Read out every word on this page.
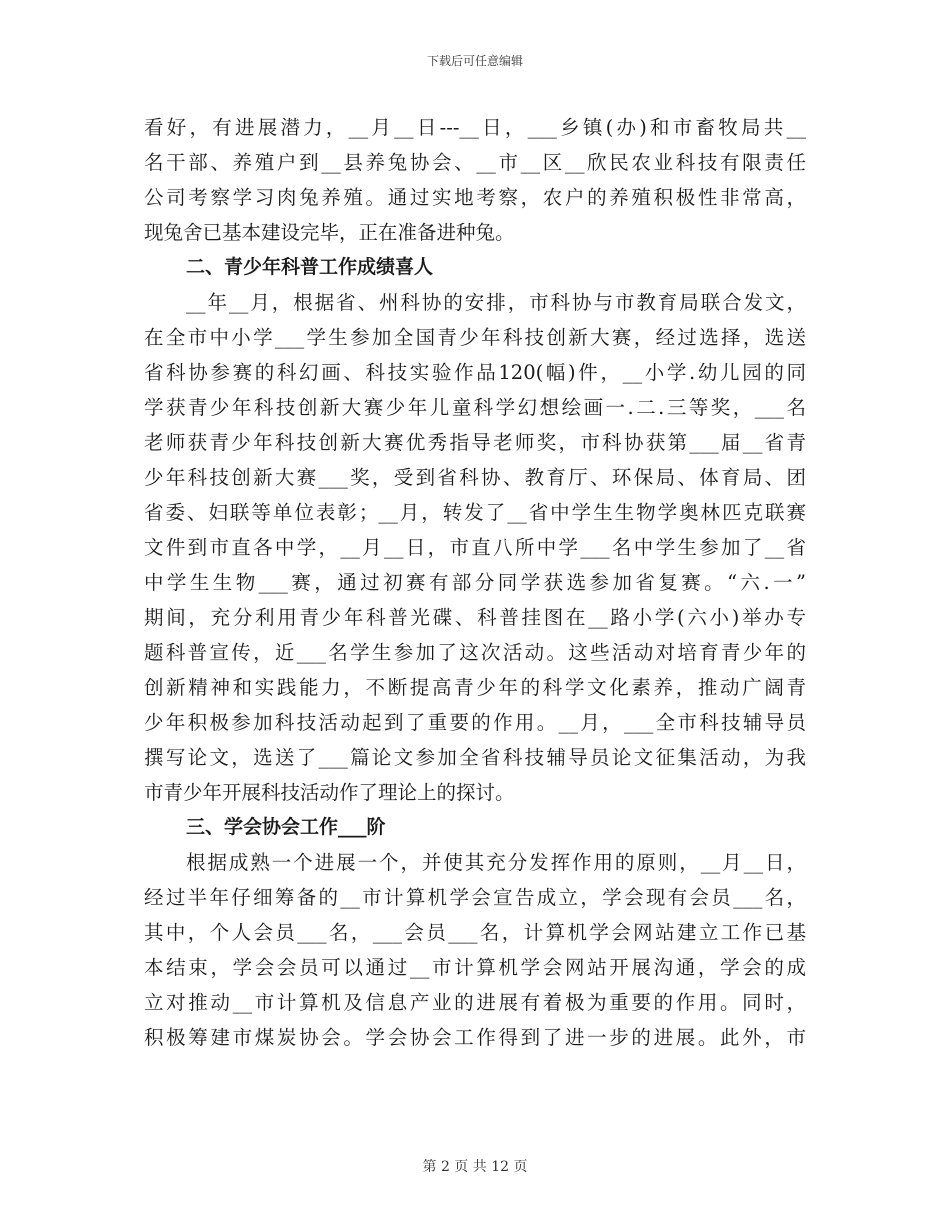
下载后可任意编辑
看好，有进展潜力，__月__日---__日，___乡镇(办)和市畜牧局共__
名干部、养殖户到__县养兔协会、__市__区__欣民农业科技有限责任
公司考察学习肉兔养殖。通过实地考察，农户的养殖积极性非常高，
现兔舍已基本建设完毕，正在准备进种兔。
二、青少年科普工作成绩喜人
__年__月，根据省、州科协的安排，市科协与市教育局联合发文，
在全市中小学___学生参加全国青少年科技创新大赛，经过选择，选送
省科协参赛的科幻画、科技实验作品120(幅)件，__小学.幼儿园的同
学获青少年科技创新大赛少年儿童科学幻想绘画一.二.三等奖，___名
老师获青少年科技创新大赛优秀指导老师奖，市科协获第___届__省青
少年科技创新大赛___奖，受到省科协、教育厅、环保局、体育局、团
省委、妇联等单位表彰；__月，转发了__省中学生生物学奥林匹克联赛
文件到市直各中学，__月__日，市直八所中学___名中学生参加了__省
中学生生物___赛，通过初赛有部分同学获选参加省复赛。“六.一”
期间，充分利用青少年科普光碟、科普挂图在__路小学(六小)举办专
题科普宣传，近___名学生参加了这次活动。这些活动对培育青少年的
创新精神和实践能力，不断提高青少年的科学文化素养，推动广阔青
少年积极参加科技活动起到了重要的作用。__月，___全市科技辅导员
撰写论文，选送了___篇论文参加全省科技辅导员论文征集活动，为我
市青少年开展科技活动作了理论上的探讨。
三、学会协会工作___阶
根据成熟一个进展一个，并使其充分发挥作用的原则，__月__日，
经过半年仔细筹备的__市计算机学会宣告成立，学会现有会员___名，
其中，个人会员___名，___会员___名，计算机学会网站建立工作已基
本结束，学会会员可以通过__市计算机学会网站开展沟通，学会的成
立对推动__市计算机及信息产业的进展有着极为重要的作用。同时，
积极筹建市煤炭协会。学会协会工作得到了进一步的进展。此外，市
第 2 页 共 12 页
